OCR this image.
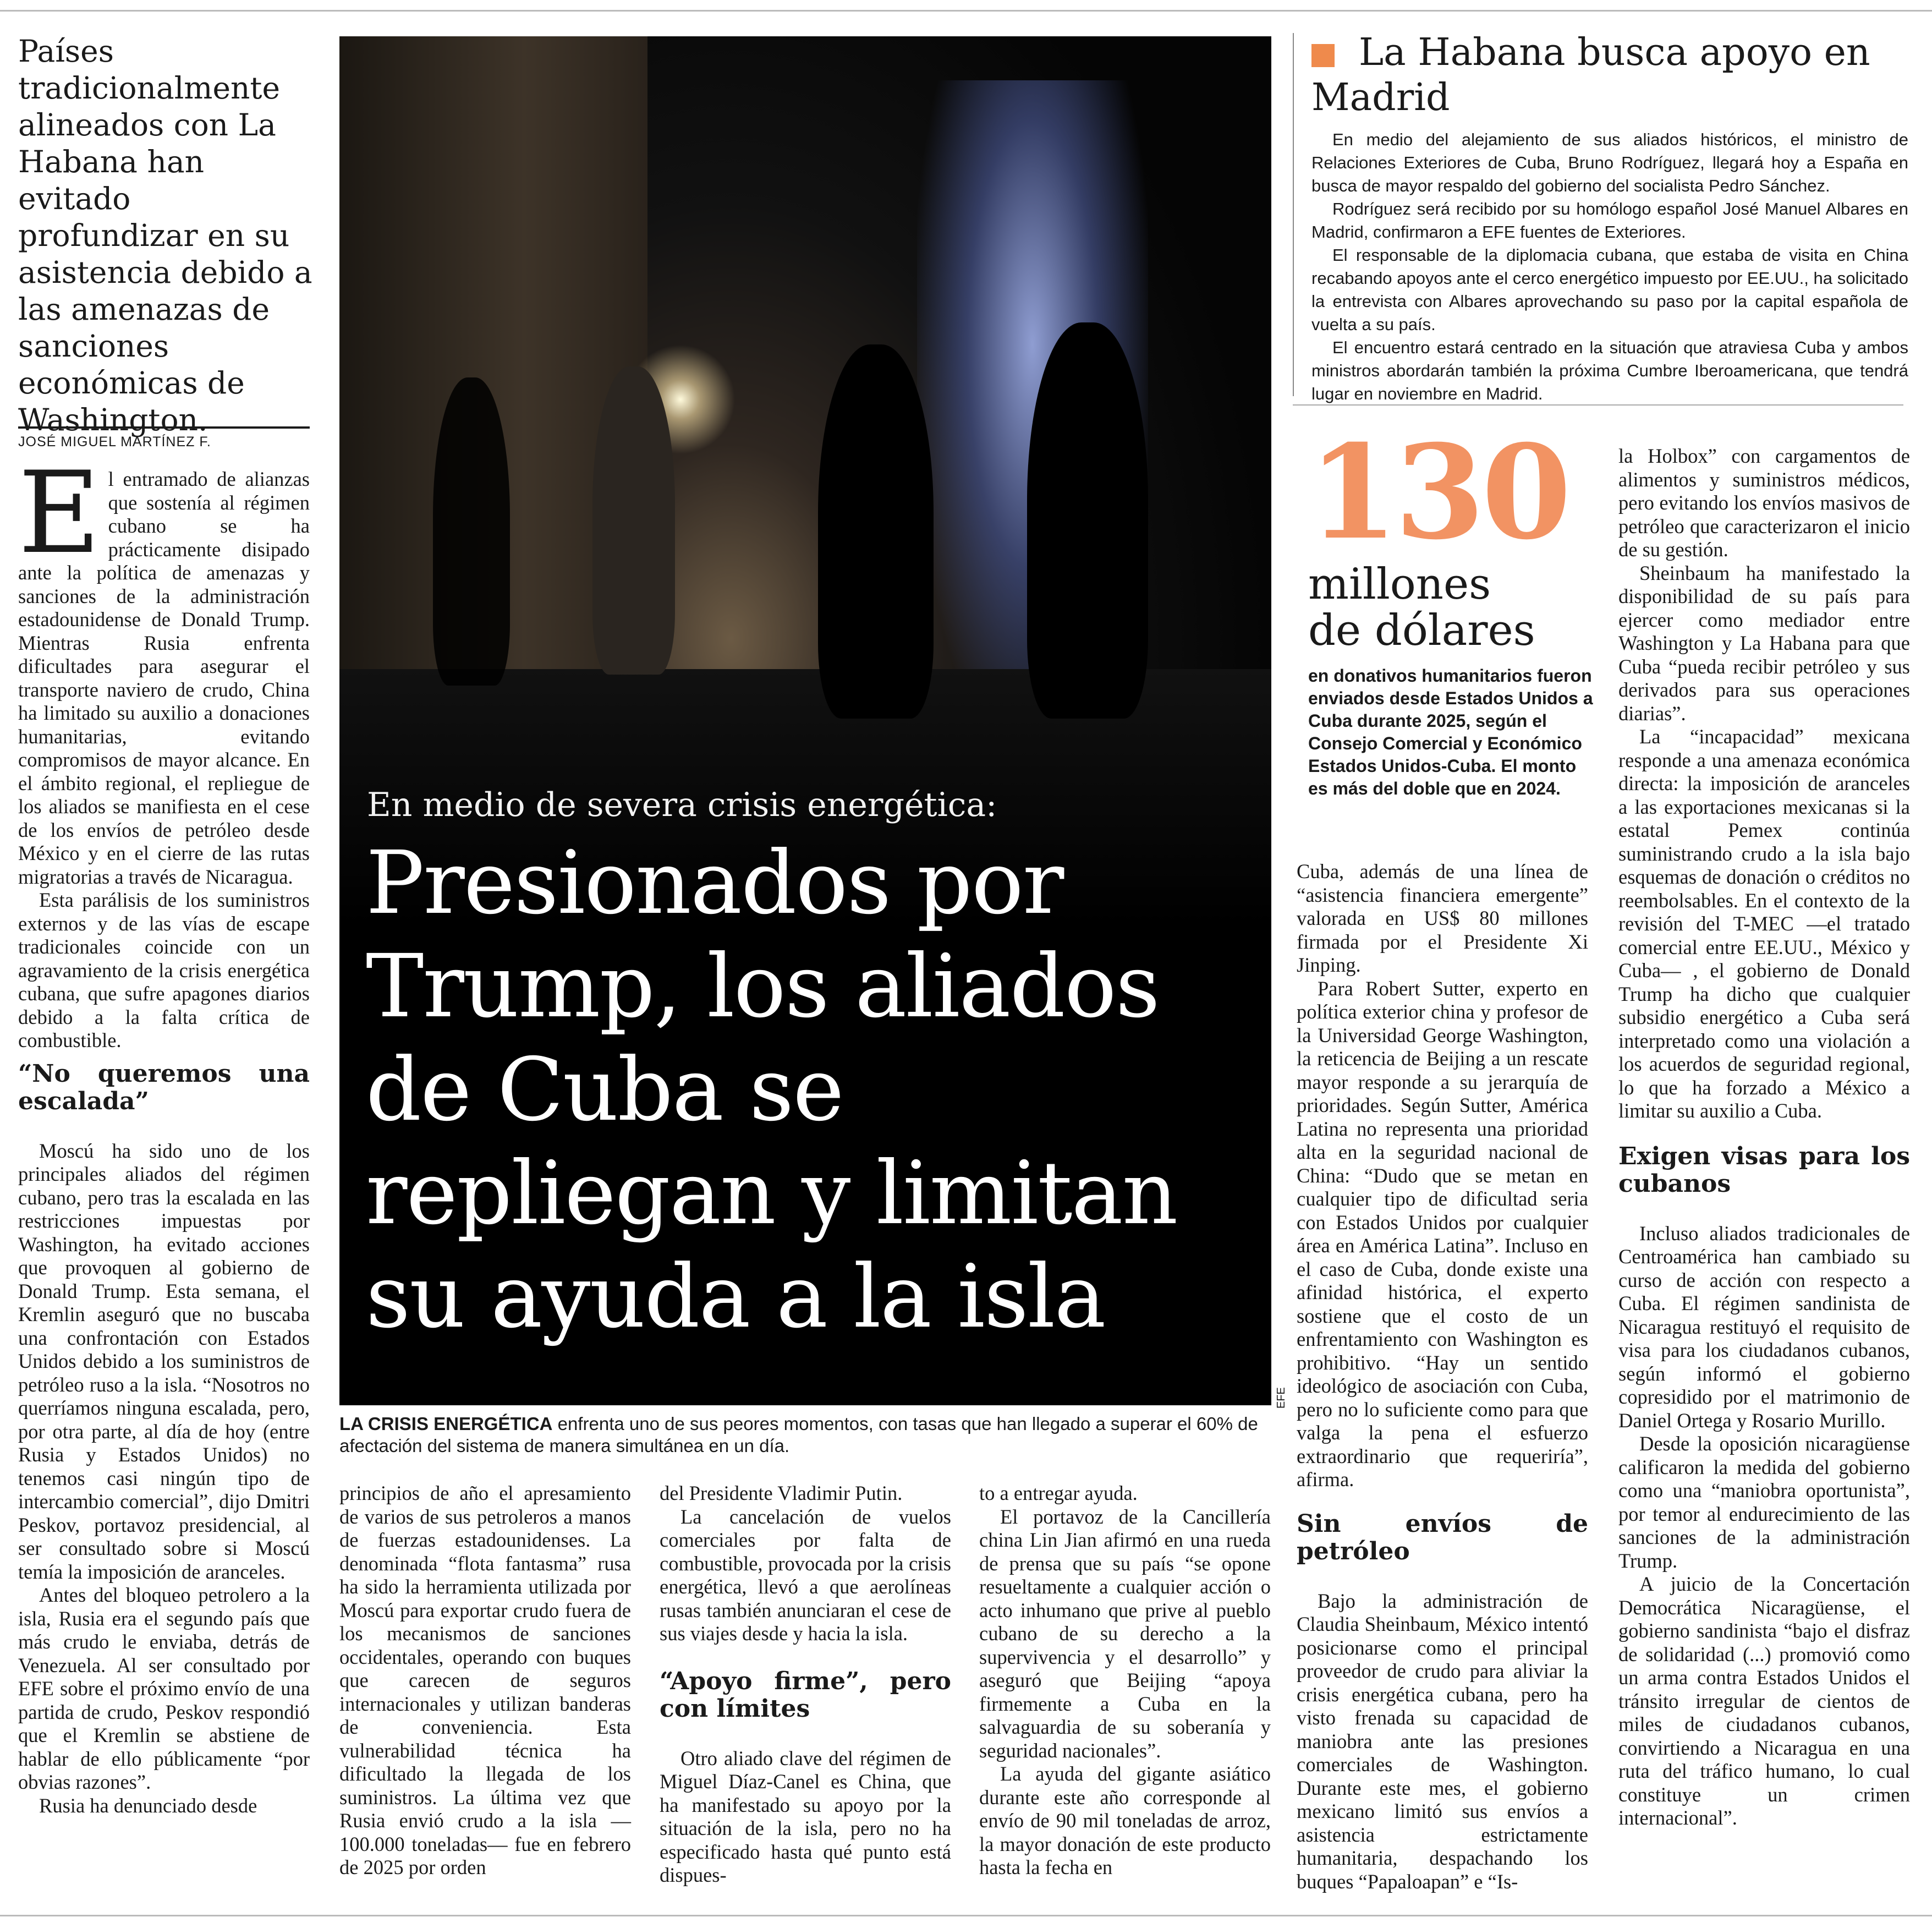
Países tradicionalmente alineados con La Habana han evitado profundizar en su asistencia debido a las amenazas de sanciones económicas de Washington.
JOSÉ MIGUEL MARTÍNEZ F.

El entramado de alianzas que sostenía al régimen cubano se ha prácticamente disipado ante la política de amenazas y sanciones de la administración estadounidense de Donald Trump. Mientras Rusia enfrenta dificultades para asegurar el transporte naviero de crudo, China ha limitado su auxilio a donaciones humanitarias, evitando compromisos de mayor alcance. En el ámbito regional, el repliegue de los aliados se manifiesta en el cese de los envíos de petróleo desde México y en el cierre de las rutas migratorias a través de Nicaragua.

Esta parálisis de los suministros externos y de las vías de escape tradicionales coincide con un agravamiento de la crisis energética cubana, que sufre apagones diarios debido a la falta crítica de combustible.

“No queremos una escalada”

Moscú ha sido uno de los principales aliados del régimen cubano, pero tras la escalada en las restricciones impuestas por Washington, ha evitado acciones que provoquen al gobierno de Donald Trump. Esta semana, el Kremlin aseguró que no buscaba una confrontación con Estados Unidos debido a los suministros de petróleo ruso a la isla. “Nosotros no querríamos ninguna escalada, pero, por otra parte, al día de hoy (entre Rusia y Estados Unidos) no tenemos casi ningún tipo de intercambio comercial”, dijo Dmitri Peskov, portavoz presidencial, al ser consultado sobre si Moscú temía la imposición de aranceles.

Antes del bloqueo petrolero a la isla, Rusia era el segundo país que más crudo le enviaba, detrás de Venezuela. Al ser consultado por EFE sobre el próximo envío de una partida de crudo, Peskov respondió que el Kremlin se abstiene de hablar de ello públicamente “por obvias razones”.

Rusia ha denunciado desde

En medio de severa crisis energética:
Presionados por
Trump, los aliados
de Cuba se
repliegan y limitan
su ayuda a la isla
EFE
LA CRISIS ENERGÉTICA enfrenta uno de sus peores momentos, con tasas que han llegado a superar el 60% de afectación del sistema de manera simultánea en un día.

principios de año el apresamiento de varios de sus petroleros a manos de fuerzas estadounidenses. La denominada “flota fantasma” rusa ha sido la herramienta utilizada por Moscú para exportar crudo fuera de los mecanismos de sanciones occidentales, operando con buques que carecen de seguros internacionales y utilizan banderas de conveniencia. Esta vulnerabilidad técnica ha dificultado la llegada de los suministros. La última vez que Rusia envió crudo a la isla —100.000 toneladas— fue en febrero de 2025 por orden

del Presidente Vladimir Putin.

La cancelación de vuelos comerciales por falta de combustible, provocada por la crisis energética, llevó a que aerolíneas rusas también anunciaran el cese de sus viajes desde y hacia la isla.

“Apoyo firme”, pero con límites

Otro aliado clave del régimen de Miguel Díaz-Canel es China, que ha manifestado su apoyo por la situación de la isla, pero no ha especificado hasta qué punto está dispues-

to a entregar ayuda.

El portavoz de la Cancillería china Lin Jian afirmó en una rueda de prensa que su país “se opone resueltamente a cualquier acción o acto inhumano que prive al pueblo cubano de su derecho a la supervivencia y el desarrollo” y aseguró que Beijing “apoya firmemente a Cuba en la salvaguardia de su soberanía y seguridad nacionales”.

La ayuda del gigante asiático durante este año corresponde al envío de 90 mil toneladas de arroz, la mayor donación de este producto hasta la fecha en

La Habana busca apoyo en Madrid

En medio del alejamiento de sus aliados históricos, el ministro de Relaciones Exteriores de Cuba, Bruno Rodríguez, llegará hoy a España en busca de mayor respaldo del gobierno del socialista Pedro Sánchez.

Rodríguez será recibido por su homólogo español José Manuel Albares en Madrid, confirmaron a EFE fuentes de Exteriores.

El responsable de la diplomacia cubana, que estaba de visita en China recabando apoyos ante el cerco energético impuesto por EE.UU., ha solicitado la entrevista con Albares aprovechando su paso por la capital española de vuelta a su país.

El encuentro estará centrado en la situación que atraviesa Cuba y ambos ministros abordarán también la próxima Cumbre Iberoamericana, que tendrá lugar en noviembre en Madrid.

130
millones
de dólares
en donativos humanitarios fueron enviados desde Estados Unidos a Cuba durante 2025, según el Consejo Comercial y Económico Estados Unidos-Cuba. El monto es más del doble que en 2024.

Cuba, además de una línea de “asistencia financiera emergente” valorada en US$ 80 millones firmada por el Presidente Xi Jinping.

Para Robert Sutter, experto en política exterior china y profesor de la Universidad George Washington, la reticencia de Beijing a un rescate mayor responde a su jerarquía de prioridades. Según Sutter, América Latina no representa una prioridad alta en la seguridad nacional de China: “Dudo que se metan en cualquier tipo de dificultad seria con Estados Unidos por cualquier área en América Latina”. Incluso en el caso de Cuba, donde existe una afinidad histórica, el experto sostiene que el costo de un enfrentamiento con Washington es prohibitivo. “Hay un sentido ideológico de asociación con Cuba, pero no lo suficiente como para que valga la pena el esfuerzo extraordinario que requeriría”, afirma.

Sin envíos de petróleo

Bajo la administración de Claudia Sheinbaum, México intentó posicionarse como el principal proveedor de crudo para aliviar la crisis energética cubana, pero ha visto frenada su capacidad de maniobra ante las presiones comerciales de Washington. Durante este mes, el gobierno mexicano limitó sus envíos a asistencia estrictamente humanitaria, despachando los buques “Papaloapan” e “Is-

la Holbox” con cargamentos de alimentos y suministros médicos, pero evitando los envíos masivos de petróleo que caracterizaron el inicio de su gestión.

Sheinbaum ha manifestado la disponibilidad de su país para ejercer como mediador entre Washington y La Habana para que Cuba “pueda recibir petróleo y sus derivados para sus operaciones diarias”.

La “incapacidad” mexicana responde a una amenaza económica directa: la imposición de aranceles a las exportaciones mexicanas si la estatal Pemex continúa suministrando crudo a la isla bajo esquemas de donación o créditos no reembolsables. En el contexto de la revisión del T-MEC —el tratado comercial entre EE.UU., México y Cuba— , el gobierno de Donald Trump ha dicho que cualquier subsidio energético a Cuba será interpretado como una violación a los acuerdos de seguridad regional, lo que ha forzado a México a limitar su auxilio a Cuba.

Exigen visas para los cubanos

Incluso aliados tradicionales de Centroamérica han cambiado su curso de acción con respecto a Cuba. El régimen sandinista de Nicaragua restituyó el requisito de visa para los ciudadanos cubanos, según informó el gobierno copresidido por el matrimonio de Daniel Ortega y Rosario Murillo.

Desde la oposición nicaragüense calificaron la medida del gobierno como una “maniobra oportunista”, por temor al endurecimiento de las sanciones de la administración Trump.

A juicio de la Concertación Democrática Nicaragüense, el gobierno sandinista “bajo el disfraz de solidaridad (...) promovió como un arma contra Estados Unidos el tránsito irregular de cientos de miles de ciudadanos cubanos, convirtiendo a Nicaragua en una ruta del tráfico humano, lo cual constituye un crimen internacional”.
